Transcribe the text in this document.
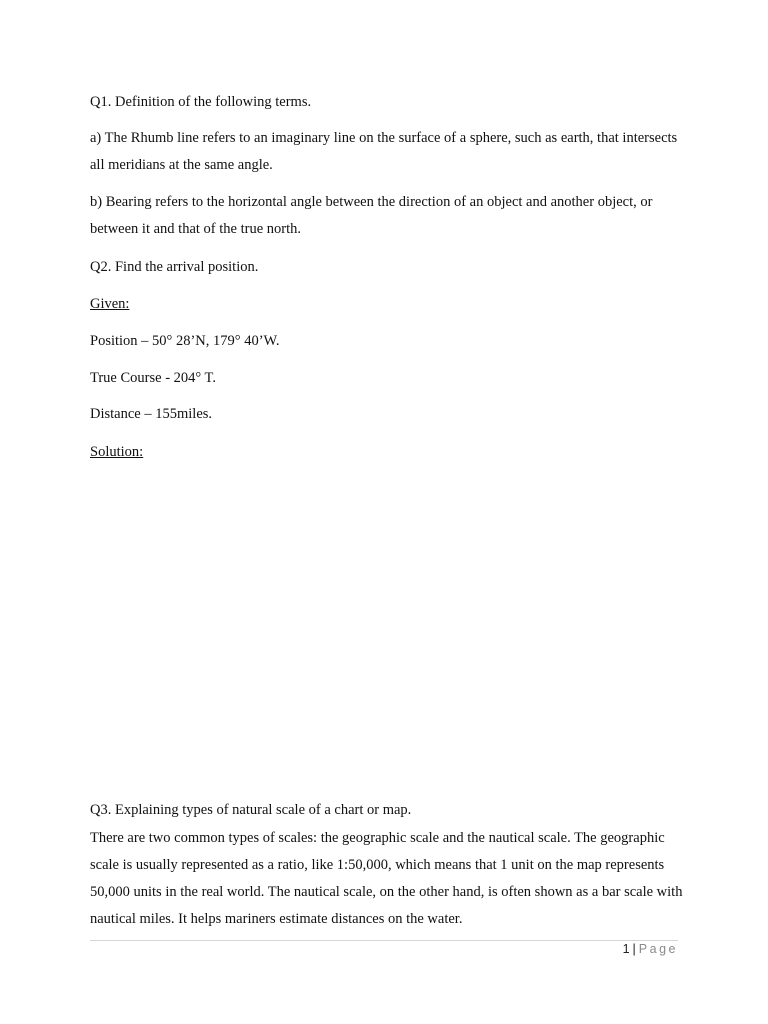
Q1. Definition of the following terms.
a) The Rhumb line refers to an imaginary line on the surface of a sphere, such as earth, that intersects all meridians at the same angle.
b) Bearing refers to the horizontal angle between the direction of an object and another object, or between it and that of the true north.
Q2. Find the arrival position.
Given:
Position – 50° 28’N, 179° 40’W.
True Course - 204° T.
Distance – 155miles.
Solution:
Q3. Explaining types of natural scale of a chart or map.
There are two common types of scales: the geographic scale and the nautical scale. The geographic scale is usually represented as a ratio, like 1:50,000, which means that 1 unit on the map represents 50,000 units in the real world. The nautical scale, on the other hand, is often shown as a bar scale with nautical miles. It helps mariners estimate distances on the water.
1 | Page
